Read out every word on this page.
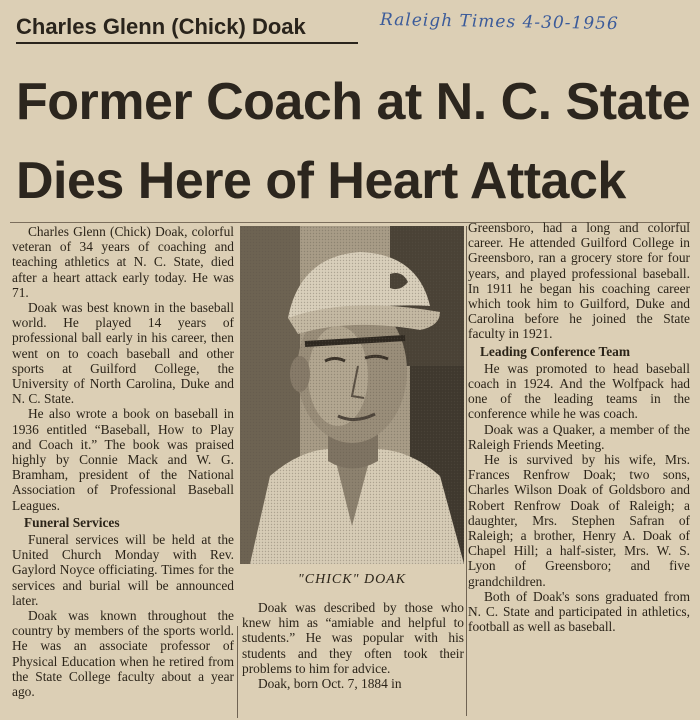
Charles Glenn (Chick) Doak	Raleigh Times 4-30-1956
Former Coach at N. C. State
Dies Here of Heart Attack

Charles Glenn (Chick) Doak, colorful veteran of 34 years of coaching and teaching athletics at N. C. State, died after a heart attack early today. He was 71.

Doak was best known in the baseball world. He played 14 years of professional ball early in his career, then went on to coach baseball and other sports at Guilford College, the University of North Carolina, Duke and N. C. State.

He also wrote a book on baseball in 1936 entitled “Baseball, How to Play and Coach it.” The book was praised highly by Connie Mack and W. G. Bramham, president of the National Association of Professional Baseball Leagues.

Funeral Services

Funeral services will be held at the United Church Monday with Rev. Gaylord Noyce officiating. Times for the services and burial will be announced later.

Doak was known throughout the country by members of the sports world. He was an associate professor of Physical Education when he retired from the State College faculty about a year ago.

"CHICK" DOAK

Doak was described by those who knew him as “amiable and helpful to students.” He was popular with his students and they often took their problems to him for advice.

Doak, born Oct. 7, 1884 in

Greensboro, had a long and colorful career. He attended Guilford College in Greensboro, ran a grocery store for four years, and played professional baseball. In 1911 he began his coaching career which took him to Guilford, Duke and Carolina before he joined the State faculty in 1921.

Leading Conference Team

He was promoted to head baseball coach in 1924. And the Wolfpack had one of the leading teams in the conference while he was coach.

Doak was a Quaker, a member of the Raleigh Friends Meeting.

He is survived by his wife, Mrs. Frances Renfrow Doak; two sons, Charles Wilson Doak of Goldsboro and Robert Renfrow Doak of Raleigh; a daughter, Mrs. Stephen Safran of Raleigh; a brother, Henry A. Doak of Chapel Hill; a half-sister, Mrs. W. S. Lyon of Greensboro; and five grandchildren.

Both of Doak's sons graduated from N. C. State and participated in athletics, football as well as baseball.
